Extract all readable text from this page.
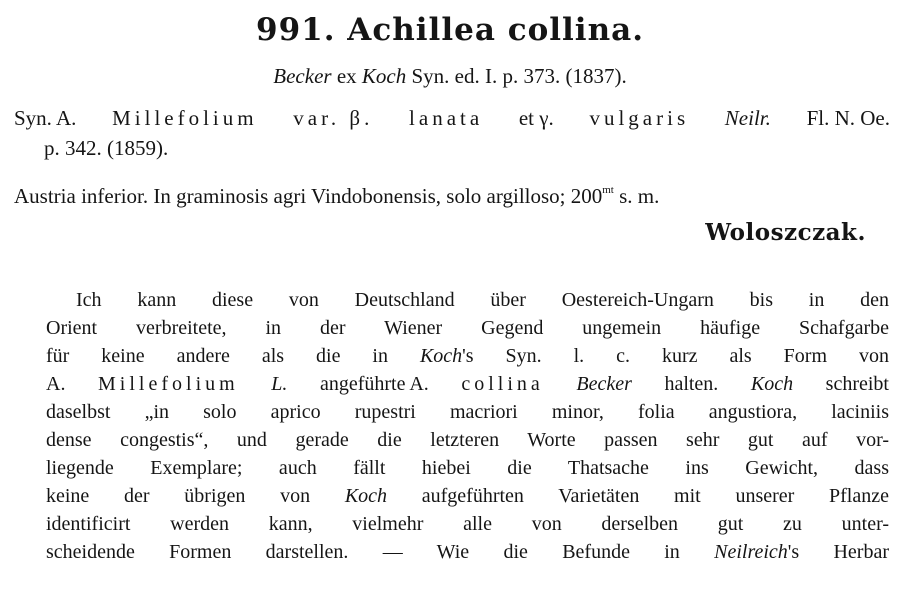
991. Achillea collina.
Becker ex Koch Syn. ed. I. p. 373. (1837).
Syn. A. Millefolium var. β. lanata et γ. vulgaris Neilr. Fl. N. Oe.
p. 342. (1859).
Austria inferior. In graminosis agri Vindobonensis, solo argilloso; $200^{mt}$ s. m.
Woloszczak.
Ich kann diese von Deutschland über Oestereich-Ungarn bis in den
Orient verbreitete, in der Wiener Gegend ungemein häufige Schafgarbe
für keine andere als die in Koch's Syn. l. c. kurz als Form von
A. Millefolium L. angeführte A. collina Becker halten. Koch schreibt
daselbst „in solo aprico rupestri macriori minor, folia angustiora, laciniis
dense congestis“, und gerade die letzteren Worte passen sehr gut auf vor-
liegende Exemplare; auch fällt hiebei die Thatsache ins Gewicht, dass
keine der übrigen von Koch aufgeführten Varietäten mit unserer Pflanze
identificirt werden kann, vielmehr alle von derselben gut zu unter-
scheidende Formen darstellen. — Wie die Befunde in Neilreich's Herbar
